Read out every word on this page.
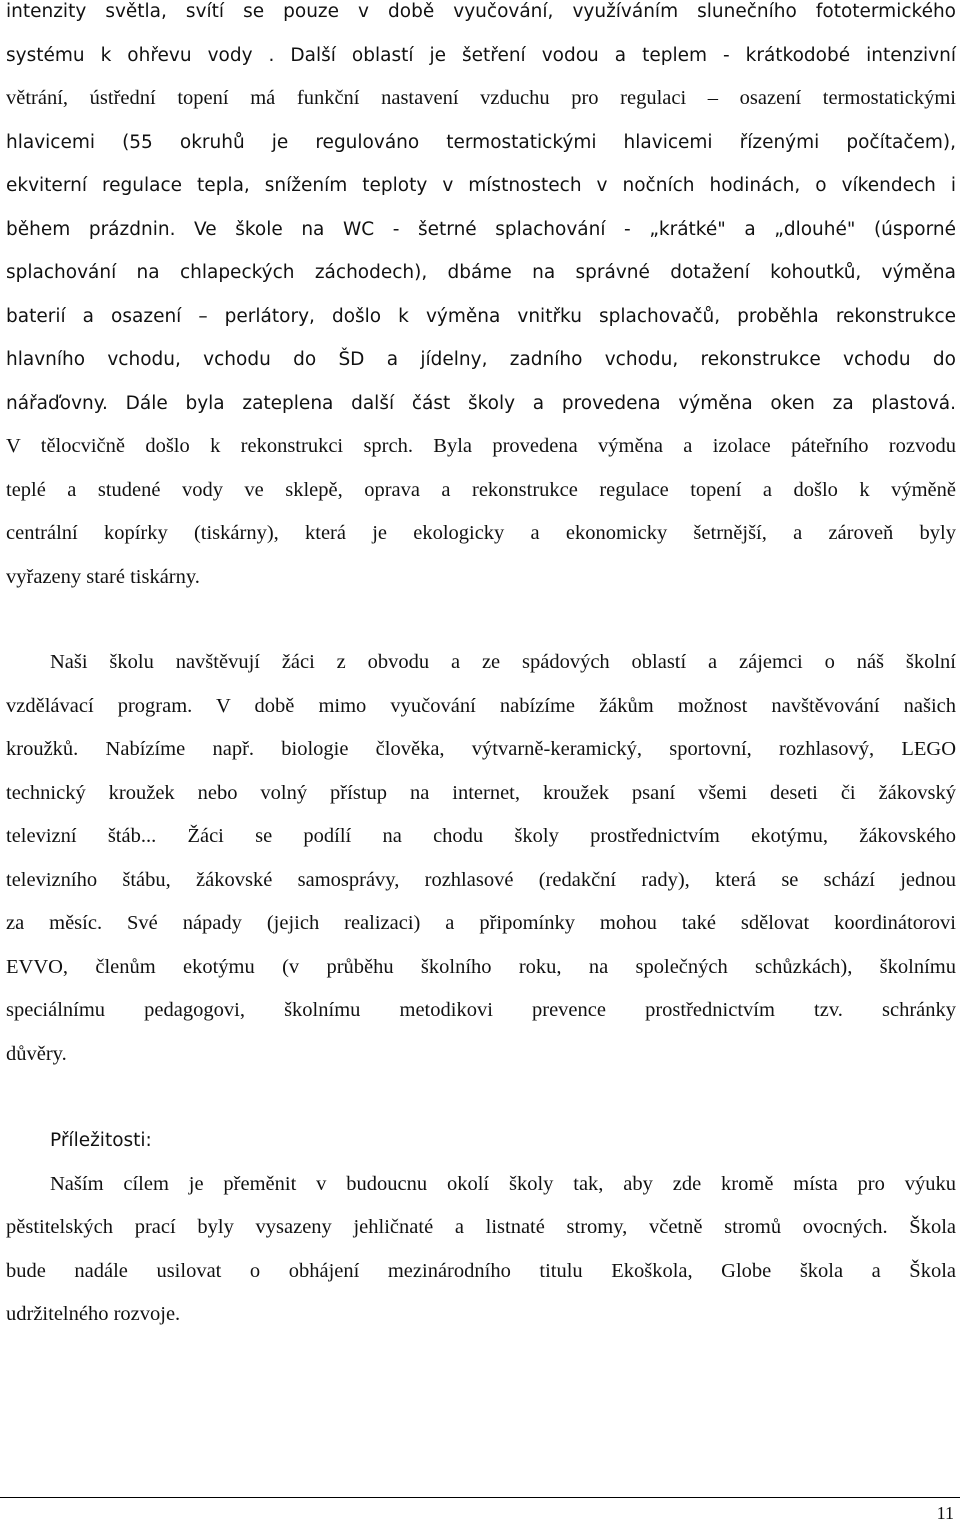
intenzity světla, svítí se pouze v době vyučování, využíváním slunečního fototermického
systému k ohřevu vody . Další oblastí je šetření vodou a teplem - krátkodobé intenzivní
větrání, ústřední topení má funkční nastavení vzduchu pro regulaci – osazení termostatickými
hlavicemi (55 okruhů je regulováno termostatickými hlavicemi řízenými počítačem),
ekviterní regulace tepla, snížením teploty v místnostech v nočních hodinách, o víkendech i
během prázdnin. Ve škole na WC - šetrné splachování - „krátké" a „dlouhé" (úsporné
splachování na chlapeckých záchodech), dbáme na správné dotažení kohoutků, výměna
baterií a osazení – perlátory, došlo k výměna vnitřku splachovačů, proběhla rekonstrukce
hlavního vchodu, vchodu do ŠD a jídelny, zadního vchodu, rekonstrukce vchodu do
nářaďovny. Dále byla zateplena další část školy a provedena výměna oken za plastová.
V tělocvičně došlo k rekonstrukci sprch. Byla provedena výměna a izolace páteřního rozvodu
teplé a studené vody ve sklepě, oprava a rekonstrukce regulace topení a došlo k výměně
centrální kopírky (tiskárny), která je ekologicky a ekonomicky šetrnější, a zároveň byly
vyřazeny staré tiskárny.
Naši školu navštěvují žáci z obvodu a ze spádových oblastí a zájemci o náš školní
vzdělávací program. V době mimo vyučování nabízíme žákům možnost navštěvování našich
kroužků. Nabízíme např. biologie člověka, výtvarně-keramický, sportovní, rozhlasový, LEGO
technický kroužek nebo volný přístup na internet, kroužek psaní všemi deseti či žákovský
televizní štáb... Žáci se podílí na chodu školy prostřednictvím ekotýmu, žákovského
televizního štábu, žákovské samosprávy, rozhlasové (redakční rady), která se schází jednou
za měsíc. Své nápady (jejich realizaci) a připomínky mohou také sdělovat koordinátorovi
EVVO, členům ekotýmu (v průběhu školního roku, na společných schůzkách), školnímu
speciálnímu pedagogovi, školnímu metodikovi prevence prostřednictvím tzv. schránky
důvěry.
Příležitosti:
Naším cílem je přeměnit v budoucnu okolí školy tak, aby zde kromě místa pro výuku
pěstitelských prací byly vysazeny jehličnaté a listnaté stromy, včetně stromů ovocných. Škola
bude nadále usilovat o obhájení mezinárodního titulu Ekoškola, Globe škola a Škola
udržitelného rozvoje.
11
